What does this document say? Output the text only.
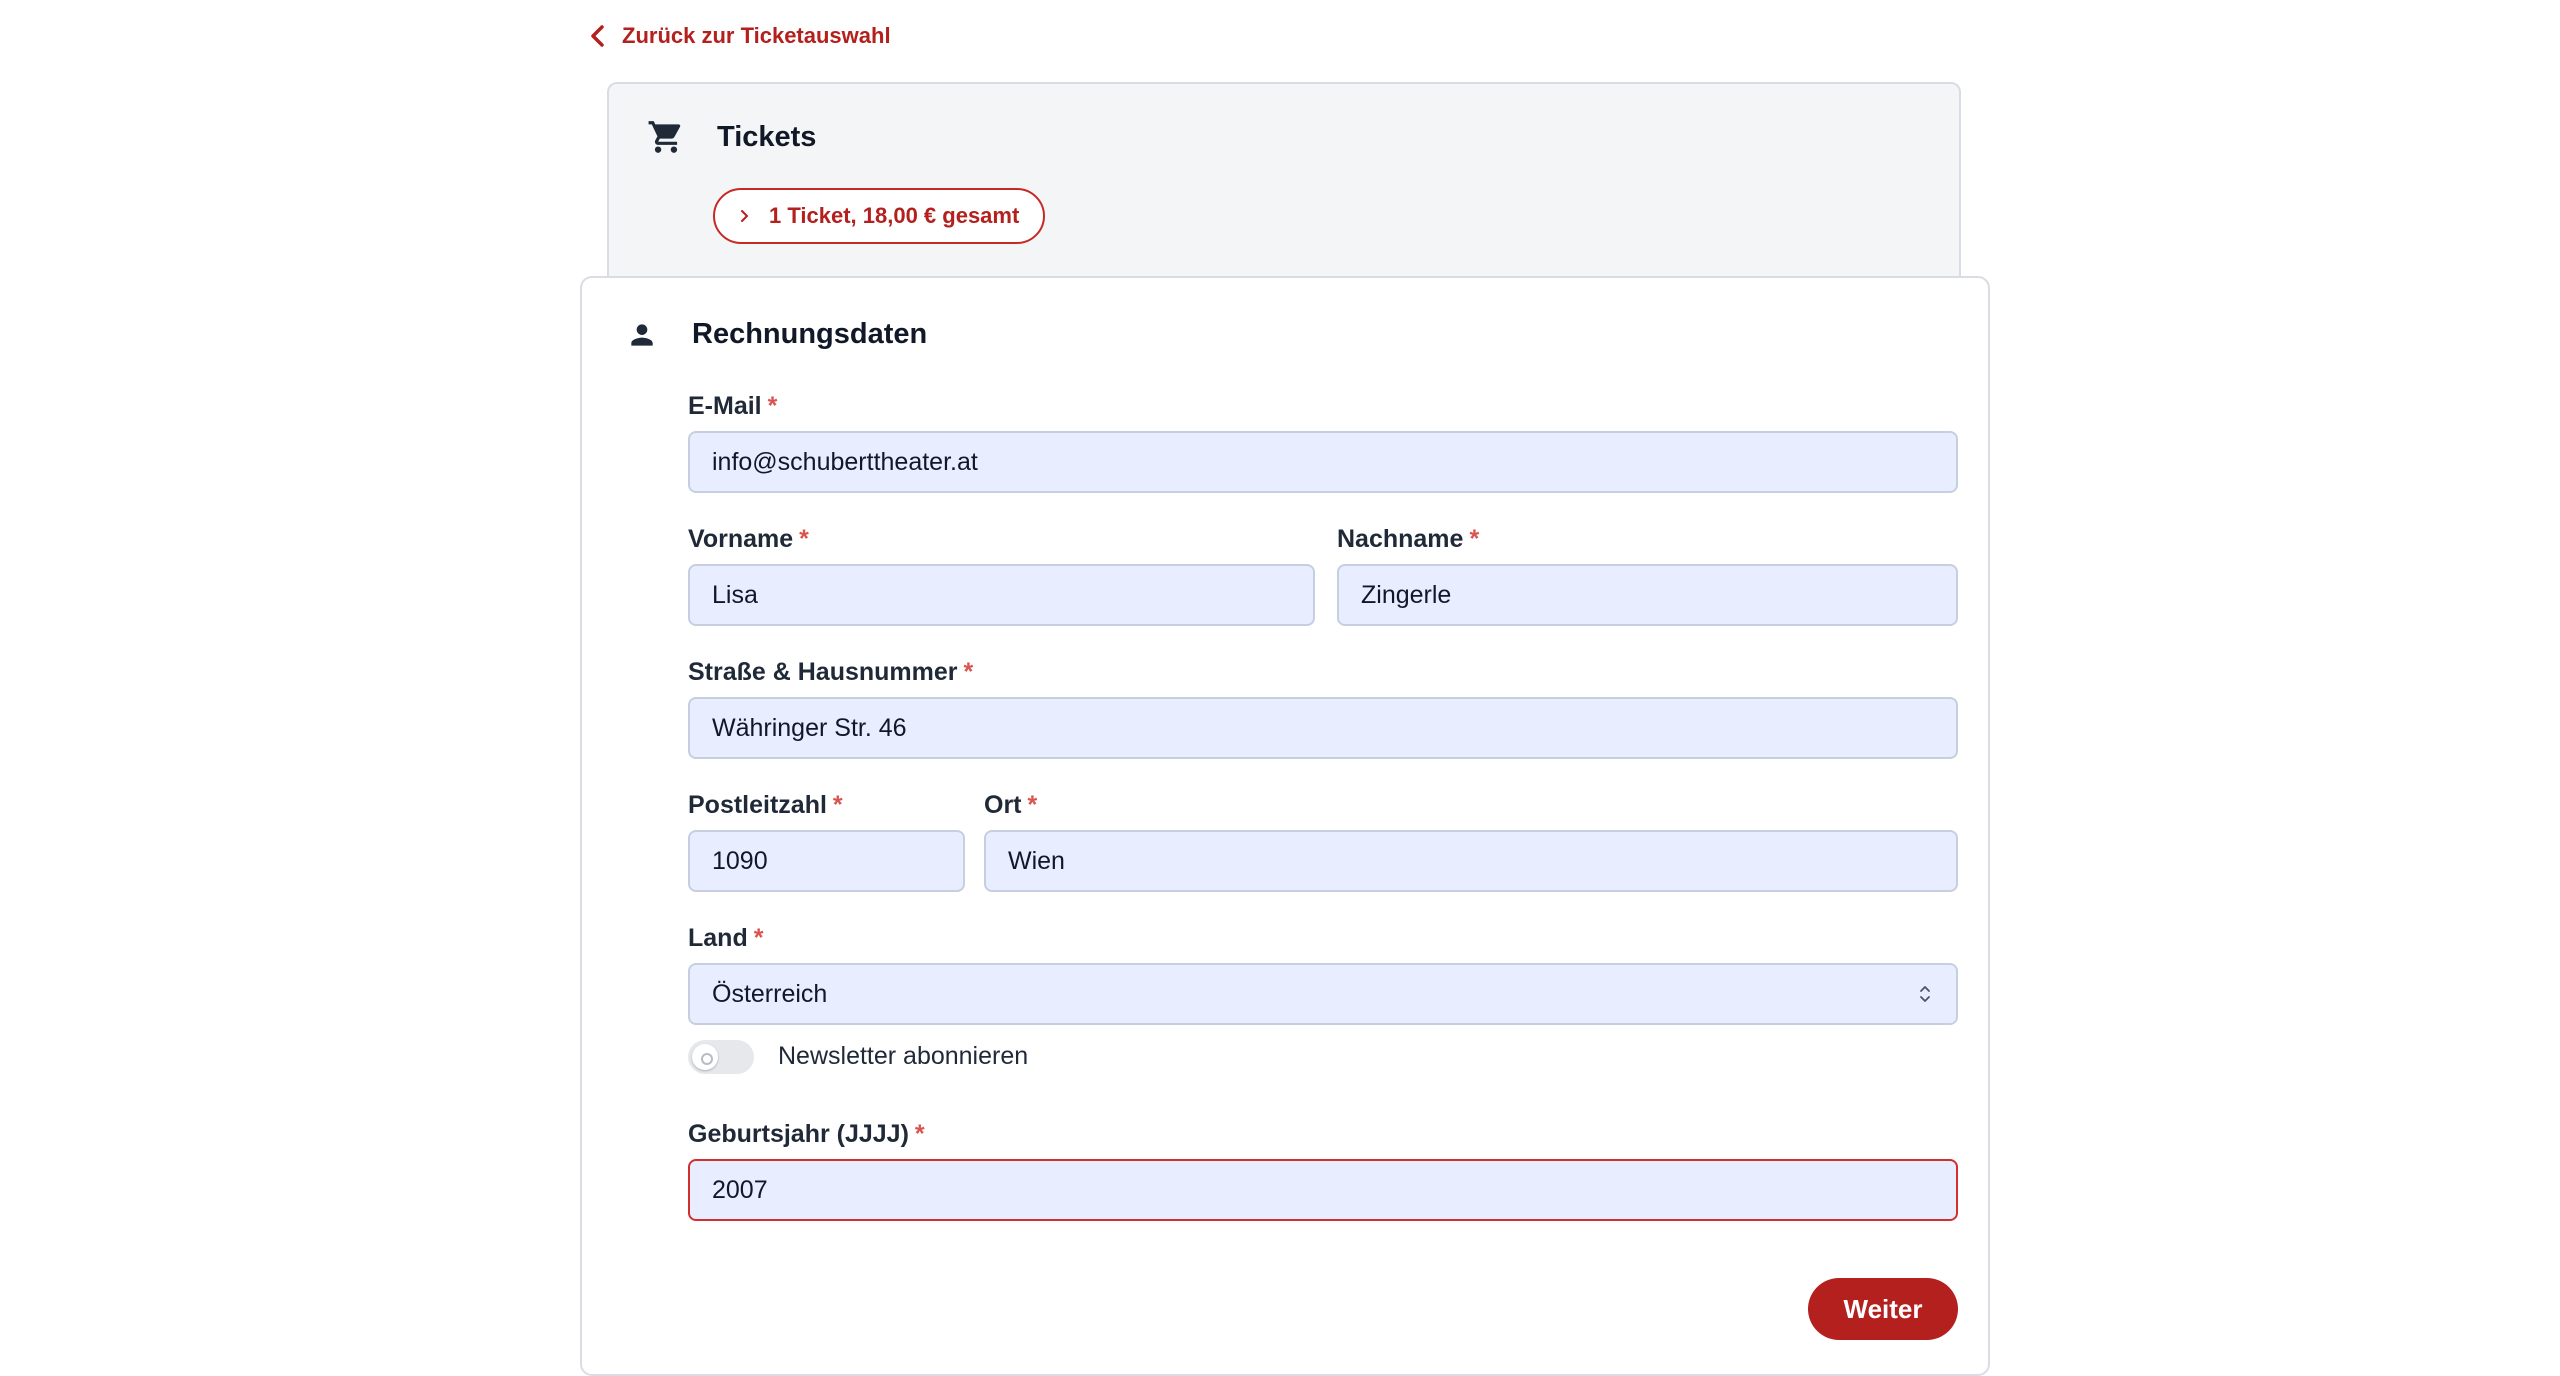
Zurück zur Ticketauswahl
Tickets
1 Ticket, 18,00 € gesamt
Rechnungsdaten
E-Mail *
info@schuberttheater.at
Vorname *
Lisa
Nachname *
Zingerle
Straße & Hausnummer *
Währinger Str. 46
Postleitzahl *
1090
Ort *
Wien
Land *
Österreich
Newsletter abonnieren
Geburtsjahr (JJJJ) *
2007
Weiter
